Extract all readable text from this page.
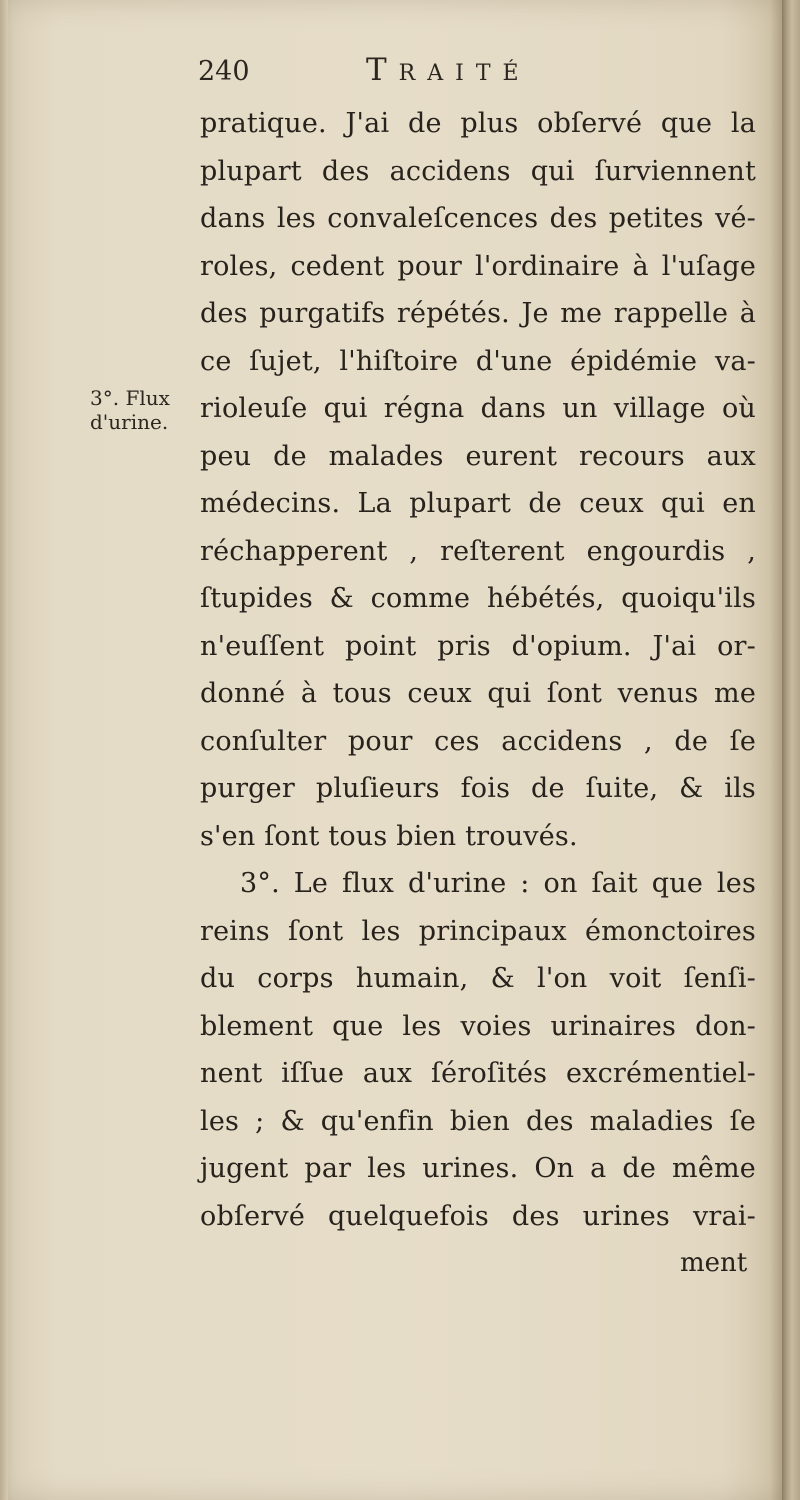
240	Traité
3°. Flux
d'urine.
pratique. J'ai de plus obſervé que la
plupart des accidens qui ſurviennent
dans les convaleſcences des petites vé-
roles, cedent pour l'ordinaire à l'uſage
des purgatifs répétés. Je me rappelle à
ce ſujet, l'hiſtoire d'une épidémie va-
rioleuſe qui régna dans un village où
peu de malades eurent recours aux
médecins. La plupart de ceux qui en
réchapperent , reſterent engourdis ,
ſtupides & comme hébétés, quoiqu'ils
n'euſſent point pris d'opium. J'ai or-
donné à tous ceux qui ſont venus me
conſulter pour ces accidens , de ſe
purger pluſieurs fois de ſuite, & ils
s'en ſont tous bien trouvés.
3°. Le flux d'urine : on ſait que les
reins ſont les principaux émonctoires
du corps humain, & l'on voit ſenſi-
blement que les voies urinaires don-
nent iſſue aux ſéroſités excrémentiel-
les ; & qu'enfin bien des maladies ſe
jugent par les urines. On a de même
obſervé quelquefois des urines vrai-
ment
